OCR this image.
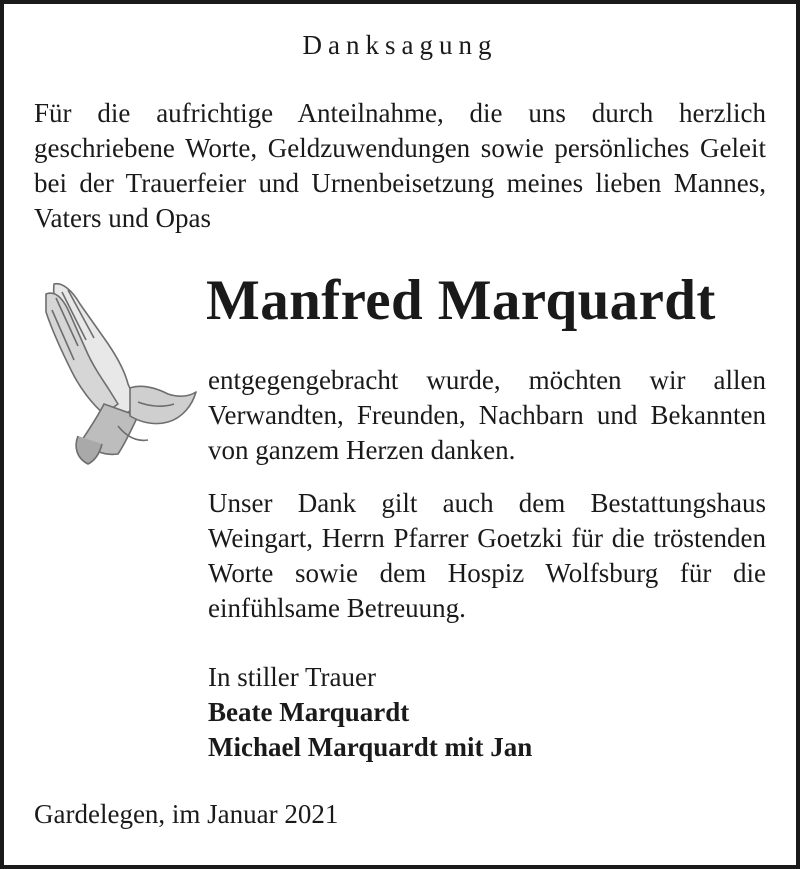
Danksagung
Für die aufrichtige Anteilnahme, die uns durch herzlich geschriebene Worte, Geldzuwendungen sowie persönliches Geleit bei der Trauerfeier und Urnenbeisetzung meines lieben Mannes, Vaters und Opas
Manfred Marquardt
entgegengebracht wurde, möchten wir allen Verwandten, Freunden, Nachbarn und Bekannten von ganzem Herzen danken.
Unser Dank gilt auch dem Bestattungshaus Weingart, Herrn Pfarrer Goetzki für die tröstenden Worte sowie dem Hospiz Wolfsburg für die einfühlsame Betreuung.
In stiller Trauer
Beate Marquardt
Michael Marquardt mit Jan
Gardelegen, im Januar 2021
